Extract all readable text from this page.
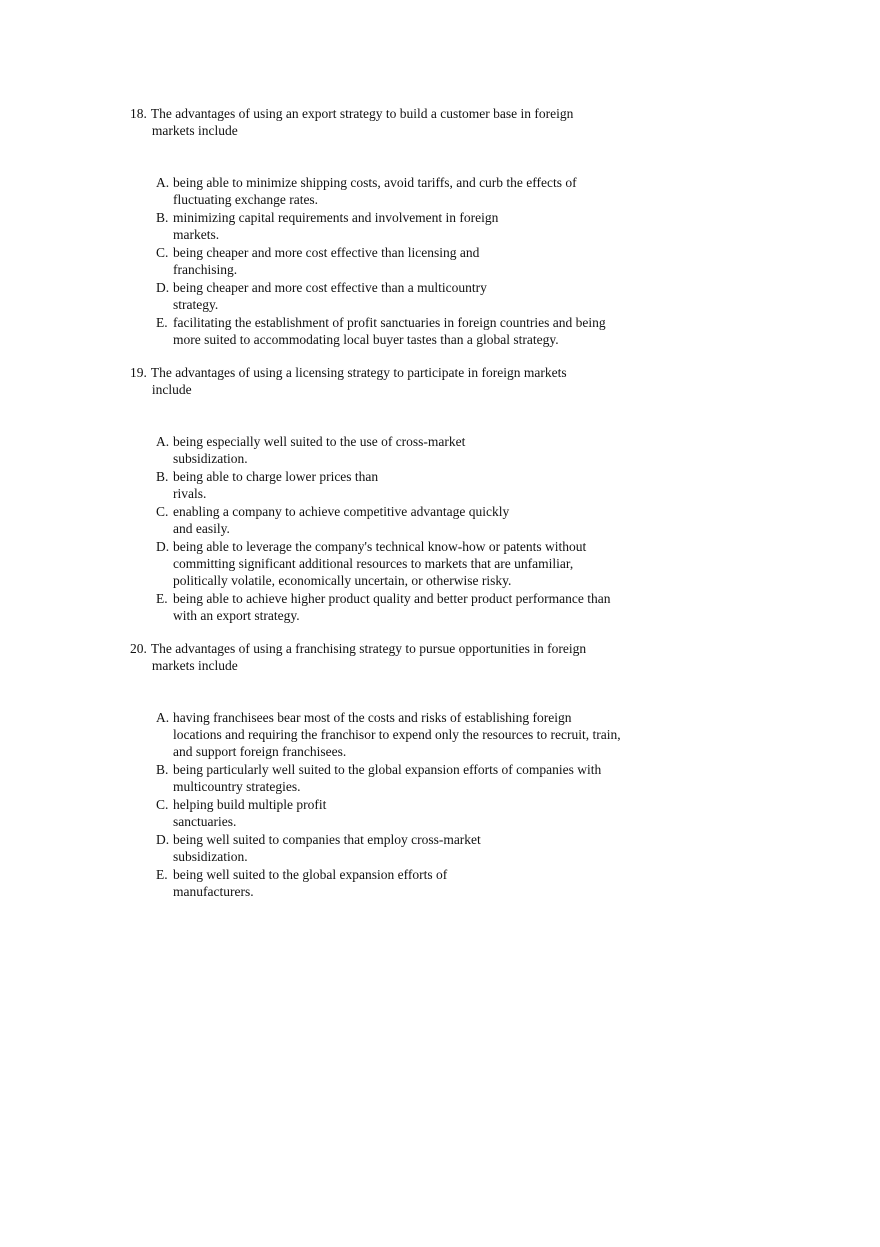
18. The advantages of using an export strategy to build a customer base in foreign
markets include
A. being able to minimize shipping costs, avoid tariffs, and curb the effects of
fluctuating exchange rates.
B. minimizing capital requirements and involvement in foreign
markets.
C. being cheaper and more cost effective than licensing and
franchising.
D. being cheaper and more cost effective than a multicountry
strategy.
E. facilitating the establishment of profit sanctuaries in foreign countries and being
more suited to accommodating local buyer tastes than a global strategy.
19. The advantages of using a licensing strategy to participate in foreign markets
include
A. being especially well suited to the use of cross-market
subsidization.
B. being able to charge lower prices than
rivals.
C. enabling a company to achieve competitive advantage quickly
and easily.
D. being able to leverage the company's technical know-how or patents without
committing significant additional resources to markets that are unfamiliar,
politically volatile, economically uncertain, or otherwise risky.
E. being able to achieve higher product quality and better product performance than
with an export strategy.
20. The advantages of using a franchising strategy to pursue opportunities in foreign
markets include
A. having franchisees bear most of the costs and risks of establishing foreign
locations and requiring the franchisor to expend only the resources to recruit, train,
and support foreign franchisees.
B. being particularly well suited to the global expansion efforts of companies with
multicountry strategies.
C. helping build multiple profit
sanctuaries.
D. being well suited to companies that employ cross-market
subsidization.
E. being well suited to the global expansion efforts of
manufacturers.
